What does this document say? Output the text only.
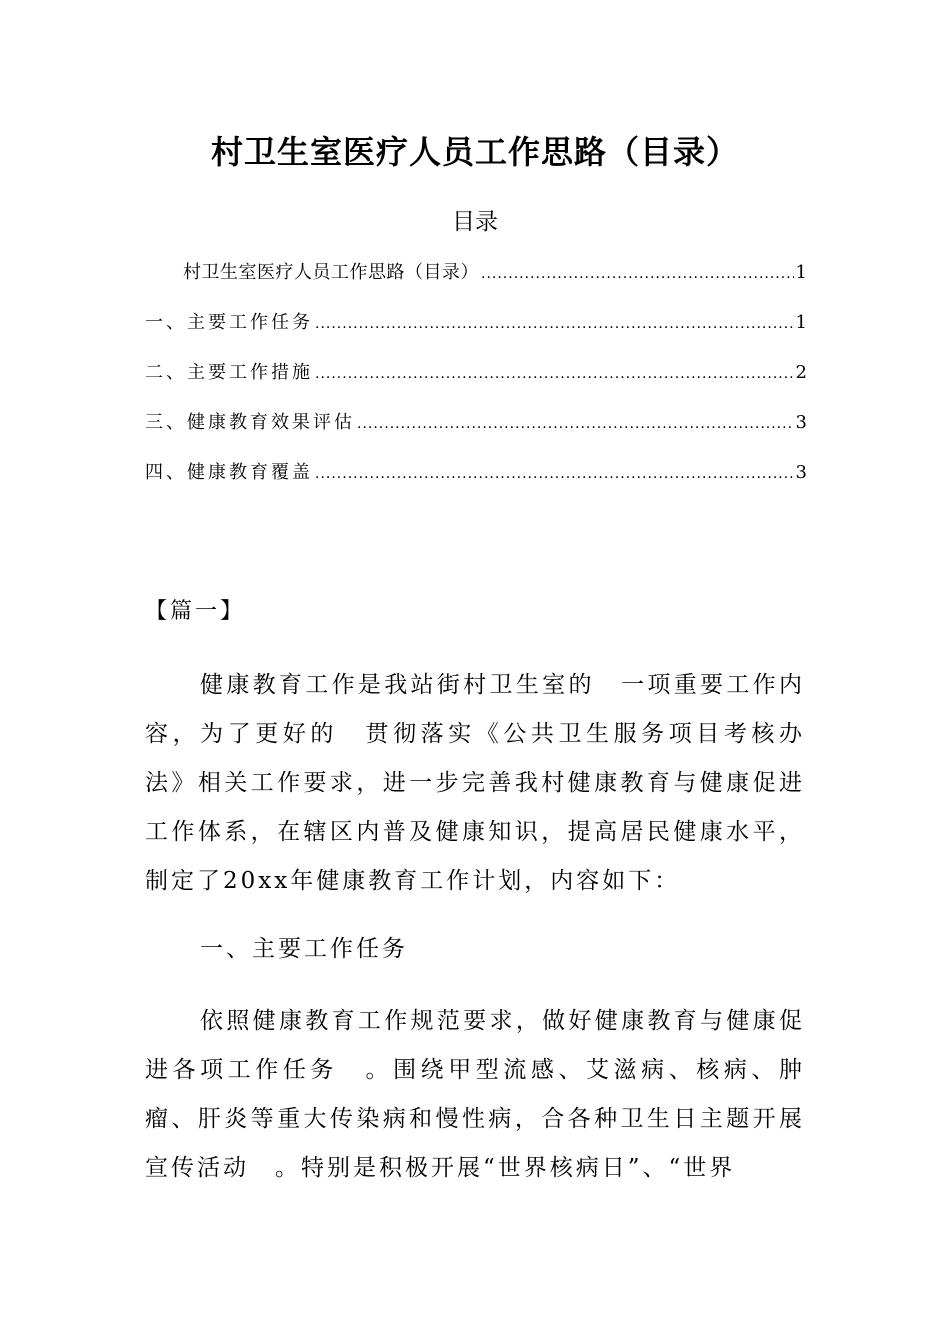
村卫生室医疗人员工作思路（目录）
目录
村卫生室医疗人员工作思路（目录） .....	1
一、主要工作任务 .....	1
二、主要工作措施 .....	2
三、健康教育效果评估 .....	3
四、健康教育覆盖 .....	3
【篇一】

健康教育工作是我站街村卫生室的　一项重要工作内容，为了更好的　贯彻落实《公共卫生服务项目考核办法》相关工作要求，进一步完善我村健康教育与健康促进工作体系，在辖区内普及健康知识，提高居民健康水平，制定了20xx年健康教育工作计划，内容如下：

一、主要工作任务

依照健康教育工作规范要求，做好健康教育与健康促进各项工作任务　。围绕甲型流感、艾滋病、核病、肿瘤、肝炎等重大传染病和慢性病，合各种卫生日主题开展宣传活动　。特别是积极开展“世界核病日”、“世界
